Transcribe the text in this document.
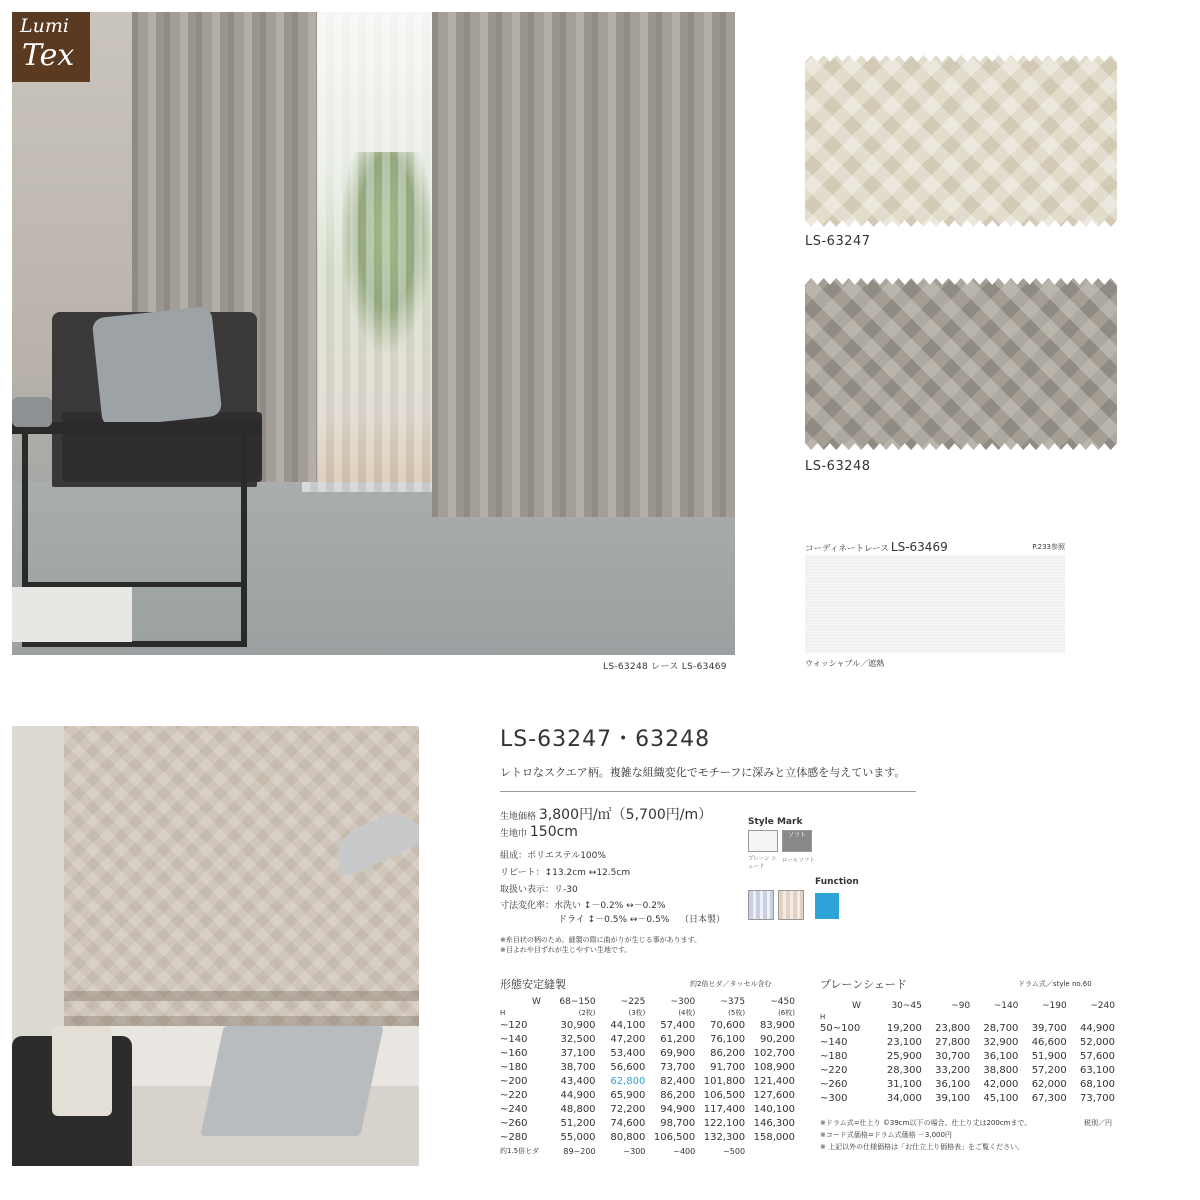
Lumi
Tex
LS-63248 レース LS-63469
LS-63247
LS-63248
コーディネートレース LS-63469	P.233参照
ウォッシャブル／遮熱
LS-63247・63248
レトロなスクエア柄。複雑な組織変化でモチーフに深みと立体感を与えています。
生地価格 3,800円/㎡（5,700円/m）
生地巾 150cm
組成：ポリエステル100%
リピート：↕13.2cm ↔12.5cm
取扱い表示：リ-30
寸法変化率：水洗い ↕－0.2% ↔－0.2%
ドライ ↕－0.5% ↔－0.5% （日本製）
※糸目状の柄のため、縫製の際に曲がりが生じる事があります。
※目よれや目ずれが生じやすい生地です。
Style Mark
プレーン シェード
ソフト
ロールソフト
Function
形態安定縫製	約2倍ヒダ／タッセル含む
W	68~150	~225	~300	~375	~450
H	(2枚)	(3枚)	(4枚)	(5枚)	(6枚)
~120	30,900	44,100	57,400	70,600	83,900
~140	32,500	47,200	61,200	76,100	90,200
~160	37,100	53,400	69,900	86,200	102,700
~180	38,700	56,600	73,700	91,700	108,900
~200	43,400	62,800	82,400	101,800	121,400
~220	44,900	65,900	86,200	106,500	127,600
~240	48,800	72,200	94,900	117,400	140,100
~260	51,200	74,600	98,700	122,100	146,300
~280	55,000	80,800	106,500	132,300	158,000
約1.5倍ヒダ	89~200	~300	~400	~500	
プレーンシェード	ドラム式／style no.60
W	30~45	~90	~140	~190	~240
H					
50~100	19,200	23,800	28,700	39,700	44,900
~140	23,100	27,800	32,900	46,600	52,000
~180	25,900	30,700	36,100	51,900	57,600
~220	28,300	33,200	38,800	57,200	63,100
~260	31,100	36,100	42,000	62,000	68,100
~300	34,000	39,100	45,100	67,300	73,700
※ドラム式=仕上り ©39cm以下の場合、仕上り丈は200cmまで。	税別／円
※コード式価格=ドラム式価格 －3,000円
※ 上記以外の仕様価格は「お仕立上り価格表」をご覧ください。
